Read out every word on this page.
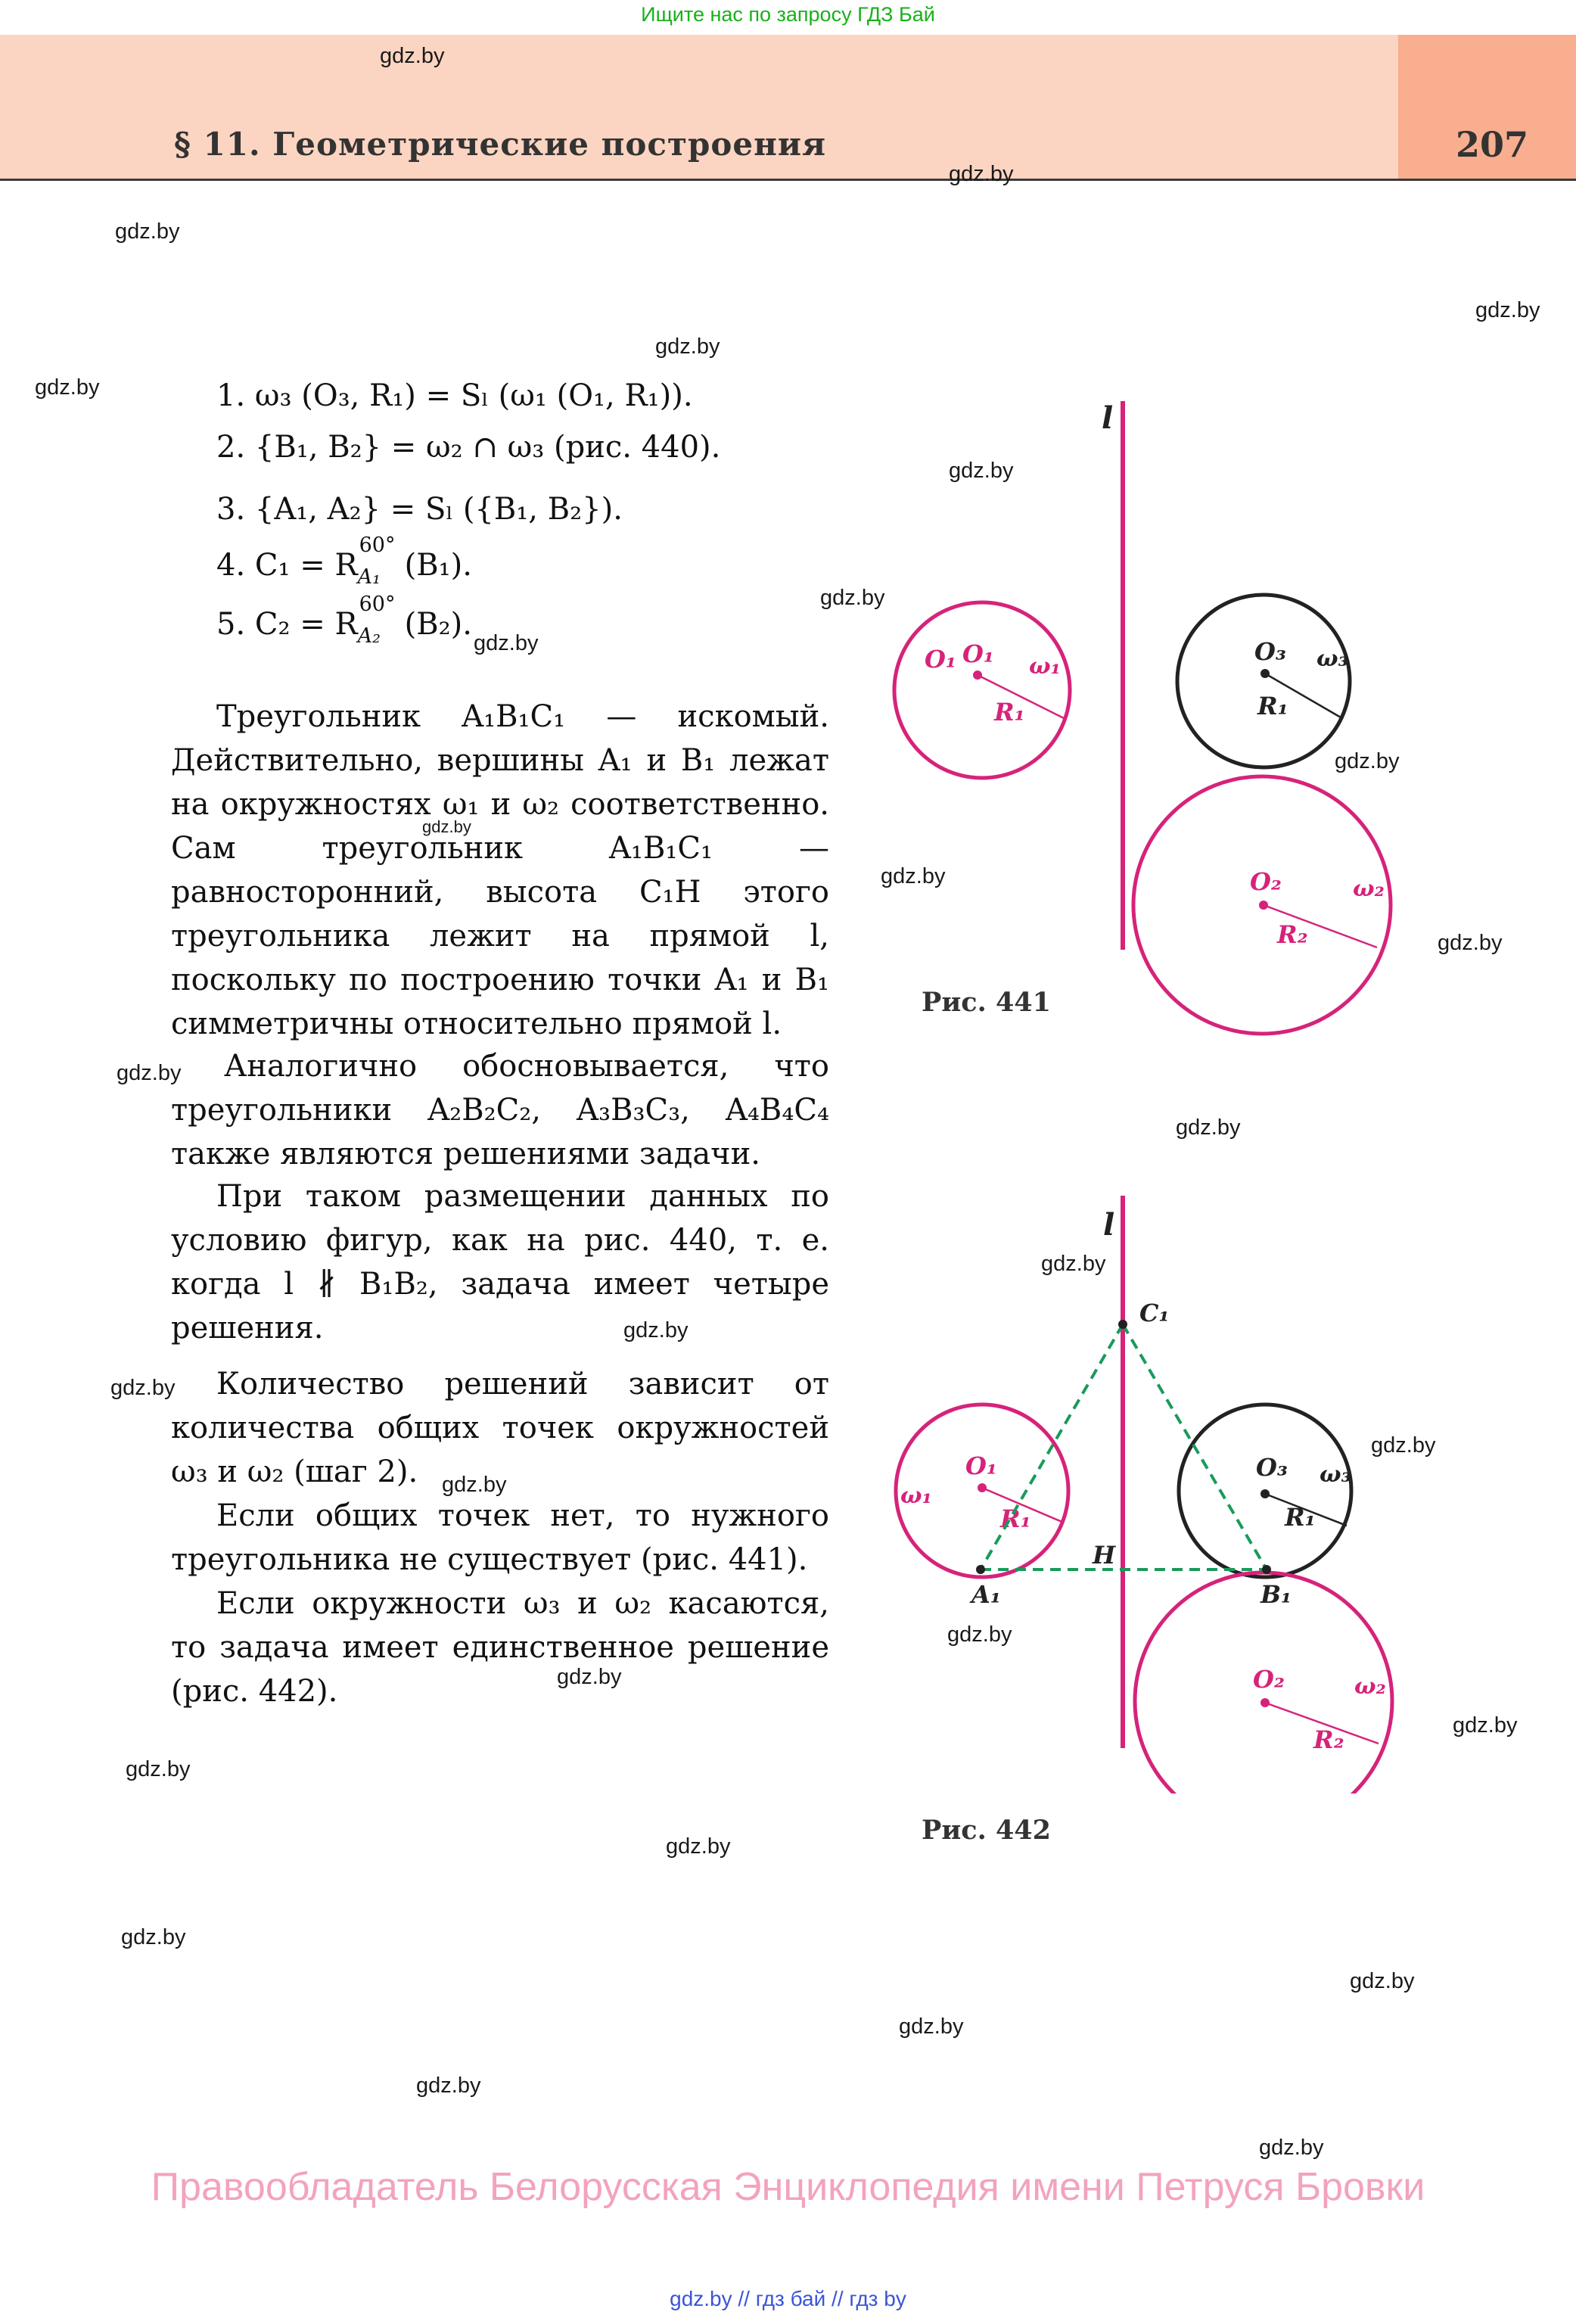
Ищите нас по запросу ГДЗ Бай
§ 11. Геометрические построения	207
gdz.by
gdz.by
gdz.by
gdz.by
gdz.by
gdz.by
gdz.by
gdz.by
gdz.by
gdz.by
gdz.by
gdz.by
gdz.by
gdz.by
gdz.by
gdz.by
gdz.by
gdz.by
gdz.by
gdz.by
gdz.by
gdz.by
gdz.by
gdz.by
gdz.by
gdz.by
gdz.by
gdz.by
gdz.by
gdz.by
1. ω₃ (O₃, R₁) = Sₗ (ω₁ (O₁, R₁)).
2. {B₁, B₂} = ω₂ ∩ ω₃ (рис. 440).
3. {A₁, A₂} = Sₗ ({B₁, B₂}).
4. C₁ = R
60°
A₁ (B₁).
5. C₂ = R
60°
A₂ (B₂).
Треугольник A₁B₁C₁ — искомый. Действительно, вершины A₁ и B₁ лежат на окружностях ω₁ и ω₂ соответственно. Сам треугольник A₁B₁C₁ — равносторонний, высота C₁H этого треугольника лежит на прямой l, поскольку по построению точки A₁ и B₁ симметричны относительно прямой l.
Аналогично обосновывается, что треугольники A₂B₂C₂, A₃B₃C₃, A₄B₄C₄ также являются решениями задачи.
При таком размещении данных по условию фигур, как на рис. 440, т. е. когда l ∦ B₁B₂, задача имеет четыре решения.
Количество решений зависит от количества общих точек окружностей ω₃ и ω₂ (шаг 2).
Если общих точек нет, то нужного треугольника не существует (рис. 441).
Если окружности ω₃ и ω₂ касаются, то задача имеет единственное решение (рис. 442).
l
O₁ O₁ ω₁
R₁
O₃ ω₃
R₁
O₂	ω₂
R₂
Рис. 441
l
O₁
ω₁
R₁
O₃ ω₃
R₁
O₂	ω₂
R₂
C₁
H
A₁	B₁
Рис. 442
Правообладатель Белорусская Энциклопедия имени Петруся Бровки
gdz.by // гдз бай // гдз by
